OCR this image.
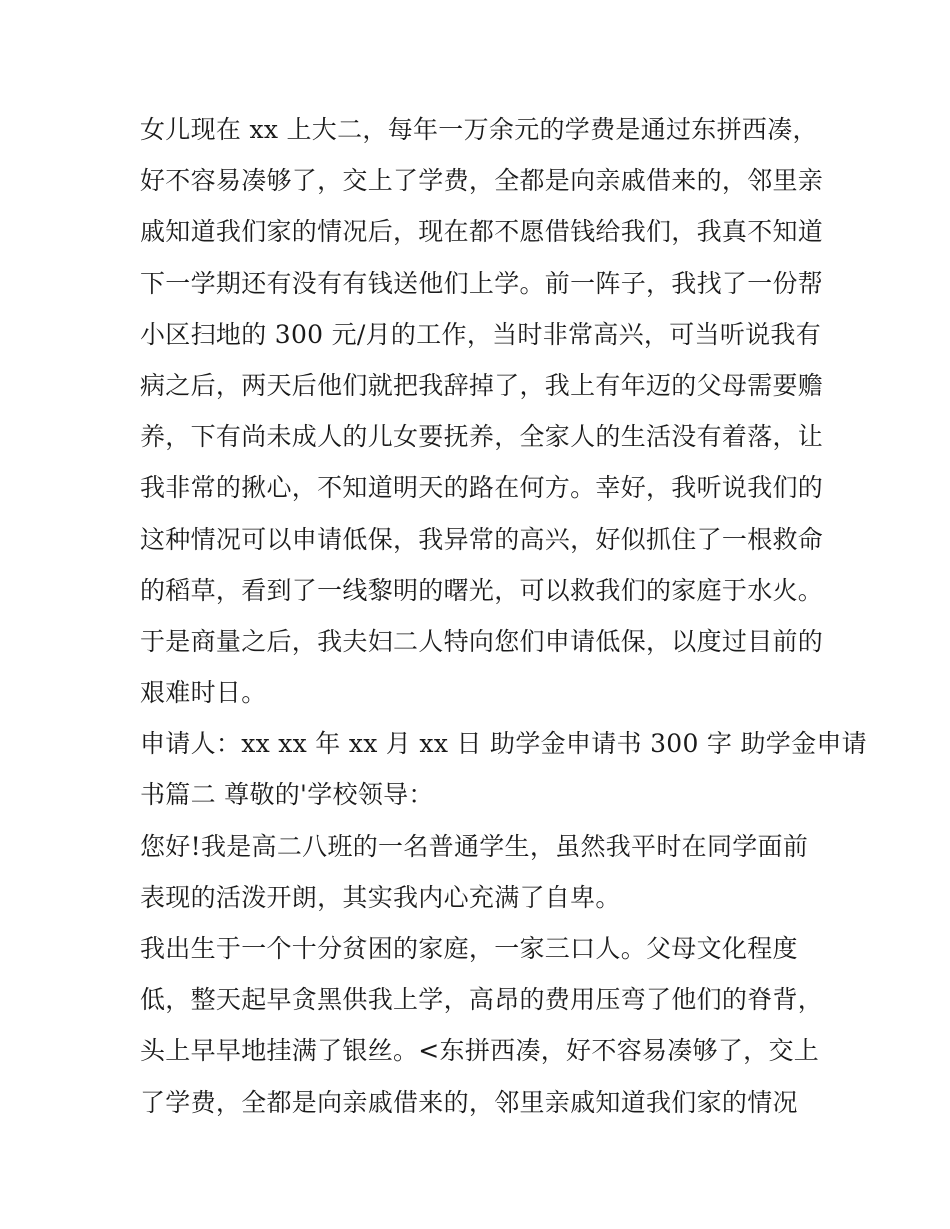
女儿现在 xx 上大二，每年一万余元的学费是通过东拼西凑，
好不容易凑够了，交上了学费，全都是向亲戚借来的，邻里亲
戚知道我们家的情况后，现在都不愿借钱给我们，我真不知道
下一学期还有没有有钱送他们上学。前一阵子，我找了一份帮
小区扫地的 300 元/月的工作，当时非常高兴，可当听说我有
病之后，两天后他们就把我辞掉了，我上有年迈的父母需要赡
养，下有尚未成人的儿女要抚养，全家人的生活没有着落，让
我非常的揪心，不知道明天的路在何方。幸好，我听说我们的
这种情况可以申请低保，我异常的高兴，好似抓住了一根救命
的稻草，看到了一线黎明的曙光，可以救我们的家庭于水火。
于是商量之后，我夫妇二人特向您们申请低保，以度过目前的
艰难时日。
申请人：xx xx 年 xx 月 xx 日 助学金申请书 300 字 助学金申请
书篇二 尊敬的'学校领导：
您好!我是高二八班的一名普通学生，虽然我平时在同学面前
表现的活泼开朗，其实我内心充满了自卑。
我出生于一个十分贫困的家庭，一家三口人。父母文化程度
低，整天起早贪黑供我上学，高昂的费用压弯了他们的脊背，
头上早早地挂满了银丝。<东拼西凑，好不容易凑够了，交上
了学费，全都是向亲戚借来的，邻里亲戚知道我们家的情况
